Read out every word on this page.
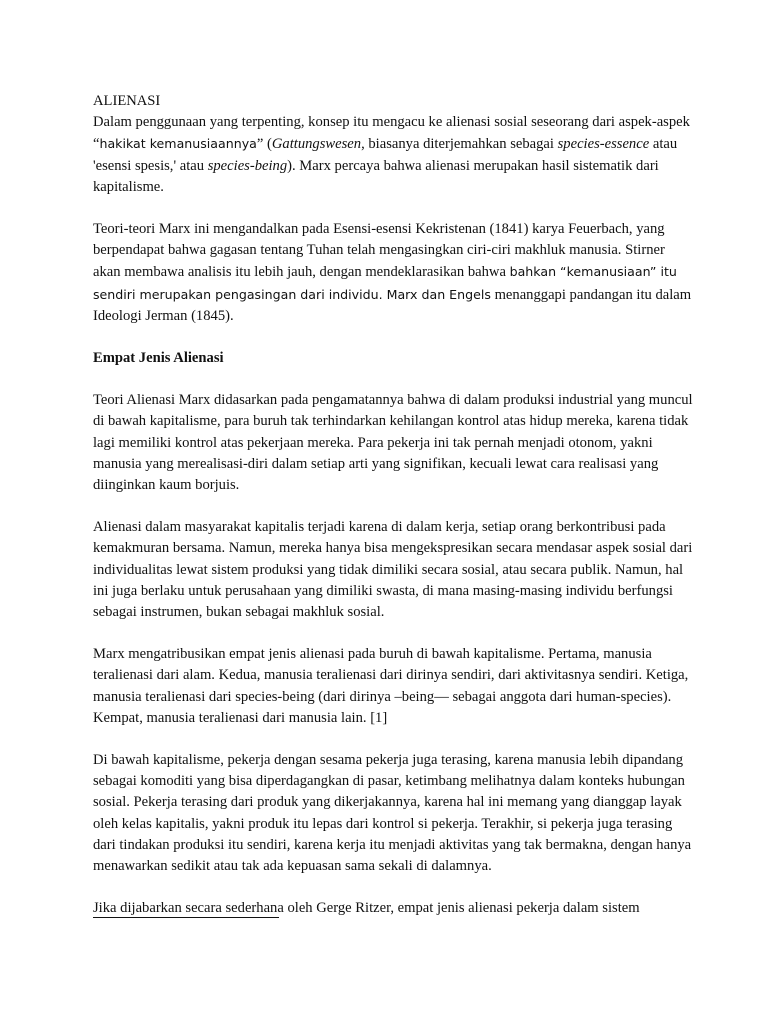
ALIENASI

Dalam penggunaan yang terpenting, konsep itu mengacu ke alienasi sosial seseorang dari aspek-aspek “hakikat kemanusiaannya” (Gattungswesen, biasanya diterjemahkan sebagai species-essence atau 'esensi spesis,' atau species-being). Marx percaya bahwa alienasi merupakan hasil sistematik dari kapitalisme.

Teori-teori Marx ini mengandalkan pada Esensi-esensi Kekristenan (1841) karya Feuerbach, yang berpendapat bahwa gagasan tentang Tuhan telah mengasingkan ciri-ciri makhluk manusia. Stirner akan membawa analisis itu lebih jauh, dengan mendeklarasikan bahwa bahkan “kemanusiaan” itu sendiri merupakan pengasingan dari individu. Marx dan Engels menanggapi pandangan itu dalam Ideologi Jerman (1845).

Empat Jenis Alienasi

Teori Alienasi Marx didasarkan pada pengamatannya bahwa di dalam produksi industrial yang muncul di bawah kapitalisme, para buruh tak terhindarkan kehilangan kontrol atas hidup mereka, karena tidak lagi memiliki kontrol atas pekerjaan mereka. Para pekerja ini tak pernah menjadi otonom, yakni manusia yang merealisasi-diri dalam setiap arti yang signifikan, kecuali lewat cara realisasi yang diinginkan kaum borjuis.

Alienasi dalam masyarakat kapitalis terjadi karena di dalam kerja, setiap orang berkontribusi pada kemakmuran bersama. Namun, mereka hanya bisa mengekspresikan secara mendasar aspek sosial dari individualitas lewat sistem produksi yang tidak dimiliki secara sosial, atau secara publik. Namun, hal ini juga berlaku untuk perusahaan yang dimiliki swasta, di mana masing-masing individu berfungsi sebagai instrumen, bukan sebagai makhluk sosial.

Marx mengatribusikan empat jenis alienasi pada buruh di bawah kapitalisme. Pertama, manusia teralienasi dari alam. Kedua, manusia teralienasi dari dirinya sendiri, dari aktivitasnya sendiri. Ketiga, manusia teralienasi dari species-being (dari dirinya –being— sebagai anggota dari human-species). Kempat, manusia teralienasi dari manusia lain. [1]

Di bawah kapitalisme, pekerja dengan sesama pekerja juga terasing, karena manusia lebih dipandang sebagai komoditi yang bisa diperdagangkan di pasar, ketimbang melihatnya dalam konteks hubungan sosial. Pekerja terasing dari produk yang dikerjakannya, karena hal ini memang yang dianggap layak oleh kelas kapitalis, yakni produk itu lepas dari kontrol si pekerja. Terakhir, si pekerja juga terasing dari tindakan produksi itu sendiri, karena kerja itu menjadi aktivitas yang tak bermakna, dengan hanya menawarkan sedikit atau tak ada kepuasan sama sekali di dalamnya.

Jika dijabarkan secara sederhana oleh Gerge Ritzer, empat jenis alienasi pekerja dalam sistem
